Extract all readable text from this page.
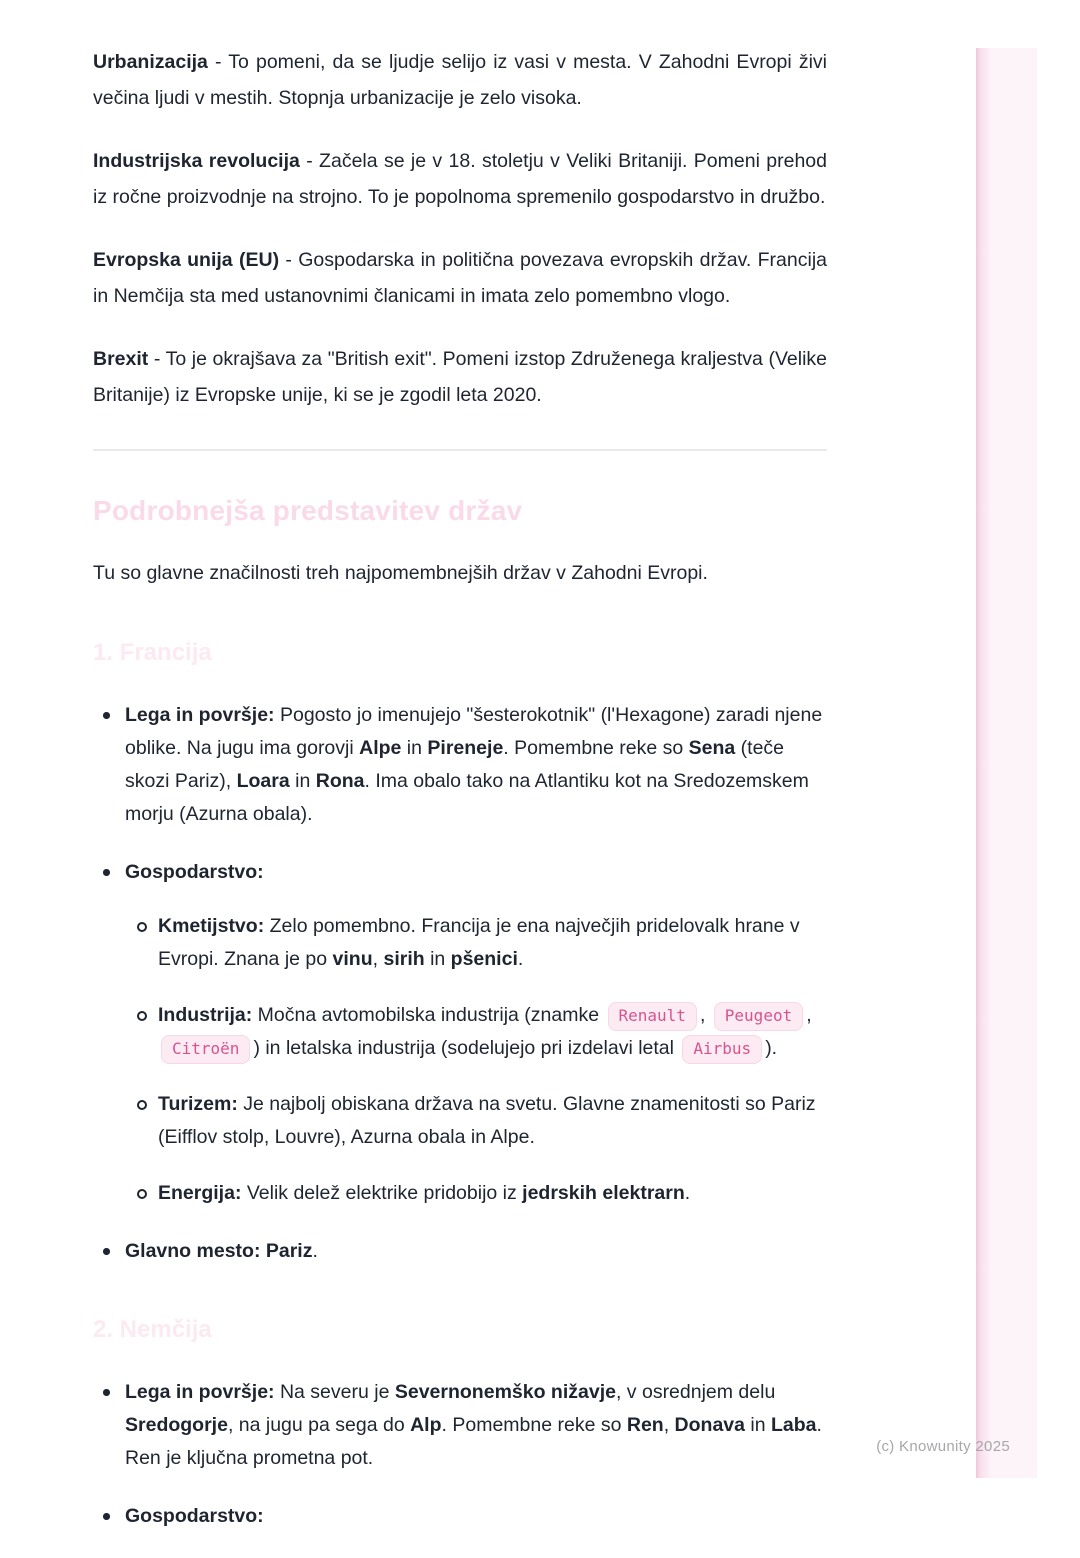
Urbanizacija - To pomeni, da se ljudje selijo iz vasi v mesta. V Zahodni Evropi živi večina ljudi v mestih. Stopnja urbanizacije je zelo visoka.

Industrijska revolucija - Začela se je v 18. stoletju v Veliki Britaniji. Pomeni prehod iz ročne proizvodnje na strojno. To je popolnoma spremenilo gospodarstvo in družbo.

Evropska unija (EU) - Gospodarska in politična povezava evropskih držav. Francija in Nemčija sta med ustanovnimi članicami in imata zelo pomembno vlogo.

Brexit - To je okrajšava za "British exit". Pomeni izstop Združenega kraljestva (Velike Britanije) iz Evropske unije, ki se je zgodil leta 2020.

Podrobnejša predstavitev držav

Tu so glavne značilnosti treh najpomembnejših držav v Zahodni Evropi.

1. Francija
Lega in površje: Pogosto jo imenujejo "šesterokotnik" (l'Hexagone) zaradi njene oblike. Na jugu ima gorovji Alpe in Pireneje. Pomembne reke so Sena (teče skozi Pariz), Loara in Rona. Ima obalo tako na Atlantiku kot na Sredozemskem morju (Azurna obala).
Gospodarstvo:
Kmetijstvo: Zelo pomembno. Francija je ena največjih pridelovalk hrane v Evropi. Znana je po vinu, sirih in pšenici.
Industrija: Močna avtomobilska industrija (znamke Renault , Peugeot , Citroën ) in letalska industrija (sodelujejo pri izdelavi letal Airbus ).
Turizem: Je najbolj obiskana država na svetu. Glavne znamenitosti so Pariz (Eifflov stolp, Louvre), Azurna obala in Alpe.
Energija: Velik delež elektrike pridobijo iz jedrskih elektrarn.
Glavno mesto: Pariz.
2. Nemčija
Lega in površje: Na severu je Severnonemško nižavje, v osrednjem delu Sredogorje, na jugu pa sega do Alp. Pomembne reke so Ren, Donava in Laba. Ren je ključna prometna pot.
Gospodarstvo:
(c) Knowunity 2025
